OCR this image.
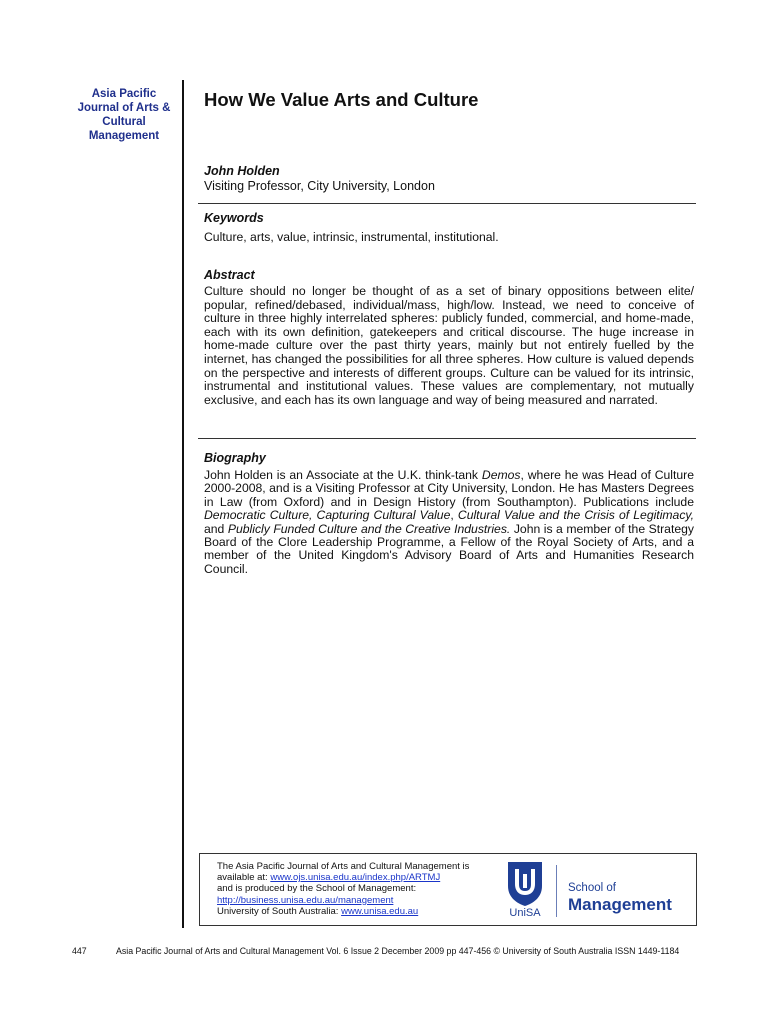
Asia Pacific
Journal of Arts &
Cultural
Management
How We Value Arts and Culture
John Holden
Visiting Professor, City University, London
Keywords
Culture, arts, value, intrinsic, instrumental, institutional.
Abstract
Culture should no longer be thought of as a set of binary oppositions between elite/ popular, refined/debased, individual/mass, high/low. Instead, we need to conceive of culture in three highly interrelated spheres: publicly funded, commercial, and home-made, each with its own definition, gatekeepers and critical discourse. The huge increase in home-made culture over the past thirty years, mainly but not entirely fuelled by the internet, has changed the possibilities for all three spheres. How culture is valued depends on the perspective and interests of different groups. Culture can be valued for its intrinsic, instrumental and institutional values. These values are complementary, not mutually exclusive, and each has its own language and way of being measured and narrated.
Biography
John Holden is an Associate at the U.K. think-tank Demos, where he was Head of Culture 2000-2008, and is a Visiting Professor at City University, London. He has Masters Degrees in Law (from Oxford) and in Design History (from Southampton). Publications include Democratic Culture, Capturing Cultural Value, Cultural Value and the Crisis of Legitimacy, and Publicly Funded Culture and the Creative Industries. John is a member of the Strategy Board of the Clore Leadership Programme, a Fellow of the Royal Society of Arts, and a member of the United Kingdom's Advisory Board of Arts and Humanities Research Council.
The Asia Pacific Journal of Arts and Cultural Management is
available at: www.ojs.unisa.edu.au/index.php/ARTMJ
and is produced by the School of Management:
http://business.unisa.edu.au/management
University of South Australia: www.unisa.edu.au	UniSA
School of
Management
447	Asia Pacific Journal of Arts and Cultural Management Vol. 6 Issue 2 December 2009 pp 447-456 © University of South Australia ISSN 1449-1184
